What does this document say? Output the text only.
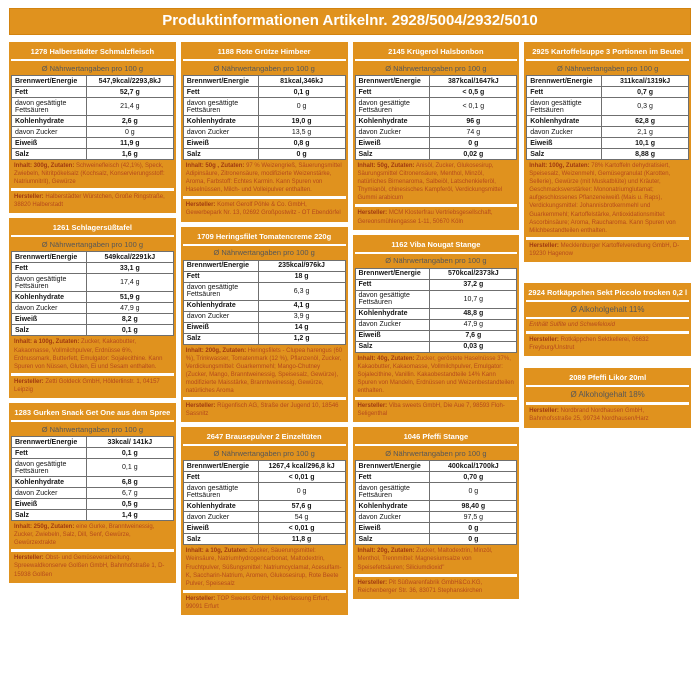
Produktinformationen Artikelnr. 2928/5004/2932/5010
1278 Halberstädter Schmalzfleisch
Ø Nährwertangaben pro 100 g
Brennwert/Energie	547,9kcal/2293,8kJ
Fett	52,7 g
davon gesättigte Fettsäuren	21,4 g
Kohlenhydrate	2,6 g
davon Zucker	0 g
Eiweiß	11,9 g
Salz	1,6 g
Inhalt: 300g, Zutaten: Schweinefleisch (42,1%), Speck, Zwiebeln, Nitritpökelsalz (Kochsalz, Konservierungsstoff: Natriumnitrit), Gewürze
Hersteller: Halberstädter Würstchen, Große Ringstraße, 38820 Halberstadt
1261 Schlagersüßtafel
Ø Nährwertangaben pro 100 g
Brennwert/Energie	549kcal/2291kJ
Fett	33,1 g
davon gesättigte Fettsäuren	17,4 g
Kohlenhydrate	51,9 g
davon Zucker	47,9 g
Eiweiß	8,2 g
Salz	0,1 g
Inhalt: a 100g, Zutaten: Zucker, Kakaobutter, Kakaomasse, Vollmilchpulver, Erdnüsse 6%, Erdnussmark, Butterfett, Emulgator: Sojalecithine. Kann Spuren von Nüssen, Gluten, Ei und Sesam enthalten.
Hersteller: Zetti Goldeck GmbH, Hölderlinstr. 1, 04157 Leipzig
1283 Gurken Snack Get One aus dem Spree
Ø Nährwertangaben pro 100 g
Brennwert/Energie	33kcal/ 141kJ
Fett	0,1 g
davon gesättigte Fettsäuren	0,1 g
Kohlenhydrate	6,8 g
davon Zucker	6,7 g
Eiweiß	0,5 g
Salz	1,4 g
Inhalt: 250g, Zutaten: eine Gurke, Branntweinessig, Zucker, Zwiebeln, Salz, Dill, Senf, Gewürze, Gewürzextrakte
Hersteller: Obst- und Gemüseverarbeitung, Spreewaldkonserve Golßen GmbH, Bahnhofstraße 1, D-15938 Golßen
1188 Rote Grütze Himbeer
Ø Nährwertangaben pro 100 g
Brennwert/Energie	81kcal,346kJ
Fett	0,1 g
davon gesättigte Fettsäuren	0 g
Kohlenhydrate	19,0 g
davon Zucker	13,5 g
Eiweiß	0,8 g
Salz	0 g
Inhalt: 50g , Zutaten: 97 % Weizengrieß, Säuerungsmittel Adipinsäure, Zitronensäure, modifizierte Weizenstärke, Aroma, Farbstoff: Echtes Karmin. Kann Spuren von Haselnüssen, Milch- und Volleipulver enthalten.
Hersteller: Komet Gerolf Pöhle & Co. GmbH, Gewerbepark Nr. 13, 02692 Großpostwitz - OT Ebendörfel
1709 Heringsfilet Tomatencreme 220g
Ø Nährwertangaben pro 100 g
Brennwert/Energie	235kcal/976kJ
Fett	18 g
davon gesättigte Fettsäuren	6,3 g
Kohlenhydrate	4,1 g
davon Zucker	3,9 g
Eiweiß	14 g
Salz	1,2 g
Inhalt: 200g, Zutaten: Heringsfilets - Clupea harengus (60 %), Trinkwasser, Tomatenmark (12 %), Pflanzenöl, Zucker, Verdickungsmittel: Guarkernmehl; Mango-Chutney (Zucker, Mango, Branntweinessig, Speisesalz, Gewürze), modifizierte Maisstärke, Branntweinessig, Gewürze, natürliches Aroma
Hersteller: Rügenfisch AG, Straße der Jugend 10, 18546 Sassnitz
2647 Brausepulver 2 Einzeltüten
Ø Nährwertangaben pro 100 g
Brennwert/Energie	1267,4 kcal/296,8 kJ
Fett	< 0,01 g
davon gesättigte Fettsäuren	0 g
Kohlenhydrate	57,6 g
davon Zucker	54 g
Eiweiß	< 0,01 g
Salz	11,8 g
Inhalt: a 10g, Zutaten: Zucker, Säuerungsmittel: Weinsäure, Natriumhydrogencarbonat, Maltodextrin, Fruchtpulver, Süßungsmittel: Natriumcyclamat, Acesulfam-K, Saccharin-Natrium, Aromen, Glukosesirup, Rote Beete Pulver, Speisesalz
Hersteller: TOP Sweets GmbH, Niederlassung Erfurt, 99091 Erfurt
2145 Krügerol Halsbonbon
Ø Nährwertangaben pro 100 g
Brennwert/Energie	387kcal/1647kJ
Fett	< 0,5 g
davon gesättigte Fettsäuren	< 0,1 g
Kohlenhydrate	96 g
davon Zucker	74 g
Eiweiß	0 g
Salz	0,02 g
Inhalt: 50g, Zutaten: Anisöl, Zucker, Glukosesirup, Säurungsmittel Citronensäure, Menthol, Minzöl, natürliches Birnenaroma, Salbeiöl, Latschenkieferöl, Thymianöl, chinesisches Kampferöl, Verdickungsmittel Gummi arabicum
Hersteller: MCM Klosterfrau Vertriebsgesellschaft, Gereonsmühlengasse 1-11, 50670 Köln
1162 Viba Nougat Stange
Ø Nährwertangaben pro 100 g
Brennwert/Energie	570kcal/2373kJ
Fett	37,2 g
davon gesättigte Fettsäuren	10,7 g
Kohlenhydrate	48,8 g
davon Zucker	47,9 g
Eiweiß	7,6 g
Salz	0,03 g
Inhalt: 40g, Zutaten: Zucker, geröstete Haselnüsse 37%, Kakaobutter, Kakaomasse, Vollmilchpulver, Emulgator: Sojalecithine, Vanillin. Kakaobestandteile 14% Kann Spuren von Mandeln, Erdnüssen und Weizenbestandteilen enthalten.
Hersteller: Viba sweets GmbH, Die Aue 7, 98593 Floh-Seligenthal
1046 Pfeffi Stange
Ø Nährwertangaben pro 100 g
Brennwert/Energie	400kcal/1700kJ
Fett	0,70 g
davon gesättigte Fettsäuren	0 g
Kohlenhydrate	98,40 g
davon Zucker	97,5 g
Eiweiß	0 g
Salz	0 g
Inhalt: 20g, Zutaten: Zucker, Maltodextrin, Minzöl, Menthol, Trennmittel: Magnesiumsalze von Speisefettsäuren; Siliciumdioxid"
Hersteller: Pit Süßwarenfabrik GmbH&Co.KG, Reichenberger Str. 36, 83071 Stephanskirchen
2925 Kartoffelsuppe 3 Portionen im Beutel
Ø Nährwertangaben pro 100 g
Brennwert/Energie	311kcal/1319kJ
Fett	0,7 g
davon gesättigte Fettsäuren	0,3 g
Kohlenhydrate	62,8 g
davon Zucker	2,1 g
Eiweiß	10,1 g
Salz	8,88 g
Inhalt: 100g, Zutaten: 78% Kartoffeln dehydratisiert, Speisesalz, Weizenmehl, Gemüsegranulat (Karotten, Sellerie), Gewürze (mit Muskatblüte) und Kräuter, Geschmacksverstärker: Mononatriumglutamat; aufgeschlossenes Pflanzeneiweiß (Mais u. Raps), Verdickungsmittel: Johannisbrotkernmehl und Guarkernmehl; Kartoffelstärke, Antioxidationsmittel: Ascorbinsäure; Aroma, Raucharoma. Kann Spuren von Milchbestandteilen enthalten.
Hersteller: Mecklenburger Kartoffelveredlung GmbH, D-19230 Hagenow
2924 Rotkäppchen Sekt Piccolo trocken 0,2 l
Ø Alkoholgehalt 11%
Enthält Sulfite und Schwefeloxid
Hersteller: Rotkäppchen Sektkellerei, 06632 Freyburg/Unstrut
2089 Pfeffi Likör 20ml
Ø Alkoholgehalt 18%
Hersteller: Nordbrand Nordhausen GmbH, Bahnhofsstraße 25, 99734 Nordhausen/Harz
